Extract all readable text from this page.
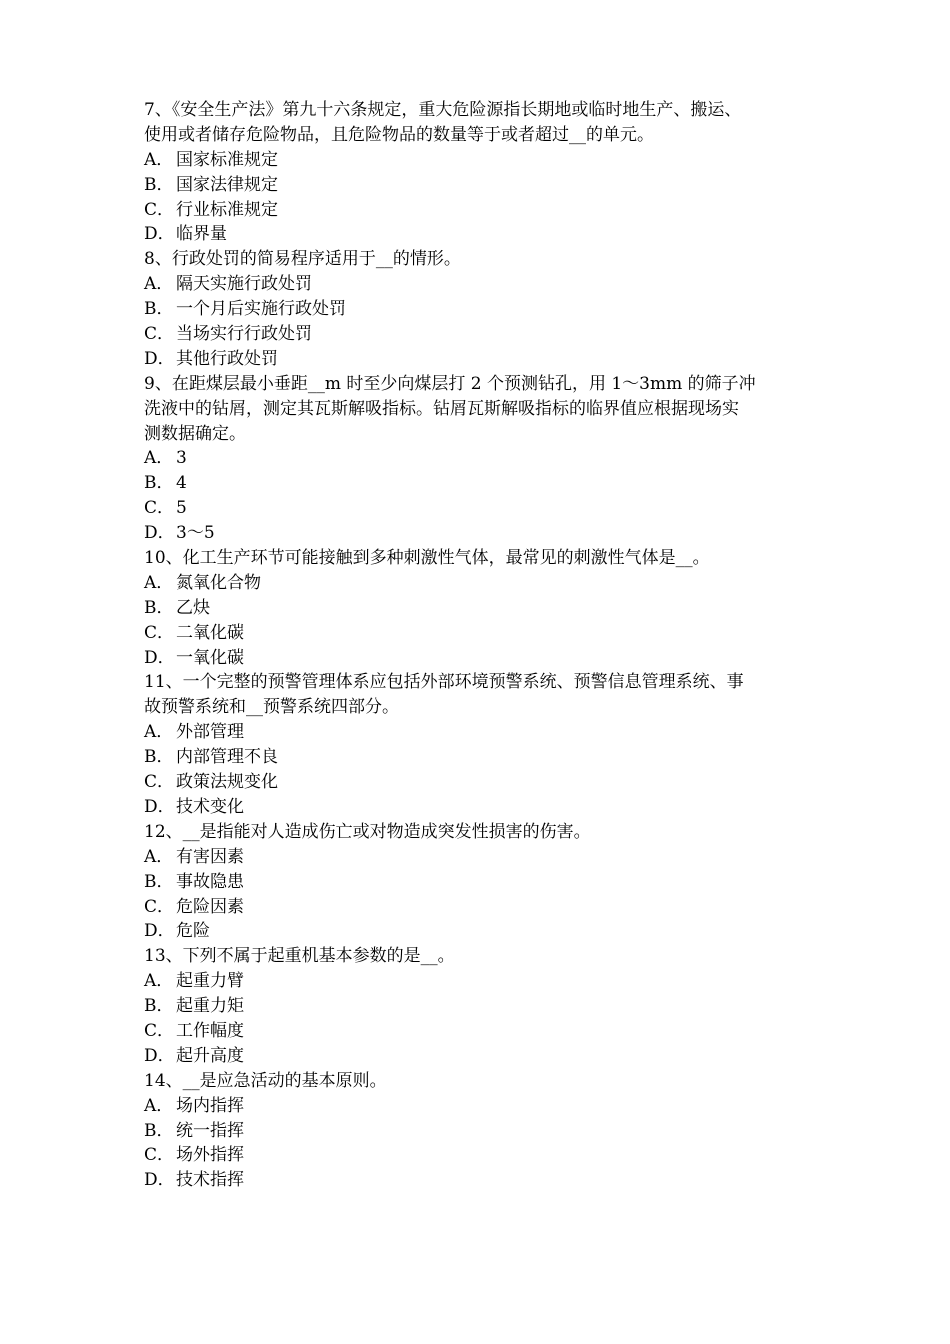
7、《安全生产法》第九十六条规定，重大危险源指长期地或临时地生产、搬运、
使用或者储存危险物品，且危险物品的数量等于或者超过__的单元。
A． 国家标准规定
B． 国家法律规定
C． 行业标准规定
D．临界量
8、行政处罚的简易程序适用于__的情形。
A． 隔天实施行政处罚
B． 一个月后实施行政处罚
C． 当场实行行政处罚
D．其他行政处罚
9、在距煤层最小垂距__m 时至少向煤层打 2 个预测钻孔，用 1～3mm 的筛子冲
洗液中的钻屑，测定其瓦斯解吸指标。钻屑瓦斯解吸指标的临界值应根据现场实
测数据确定。
A． 3
B． 4
C． 5
D．3～5
10、化工生产环节可能接触到多种刺激性气体，最常见的刺激性气体是__。
A． 氮氧化合物
B． 乙炔
C． 二氧化碳
D．一氧化碳
11、一个完整的预警管理体系应包括外部环境预警系统、预警信息管理系统、事
故预警系统和__预警系统四部分。
A． 外部管理
B． 内部管理不良
C． 政策法规变化
D．技术变化
12、__是指能对人造成伤亡或对物造成突发性损害的伤害。
A． 有害因素
B． 事故隐患
C． 危险因素
D．危险
13、下列不属于起重机基本参数的是__。
A． 起重力臂
B． 起重力矩
C． 工作幅度
D．起升高度
14、__是应急活动的基本原则。
A． 场内指挥
B． 统一指挥
C． 场外指挥
D．技术指挥
